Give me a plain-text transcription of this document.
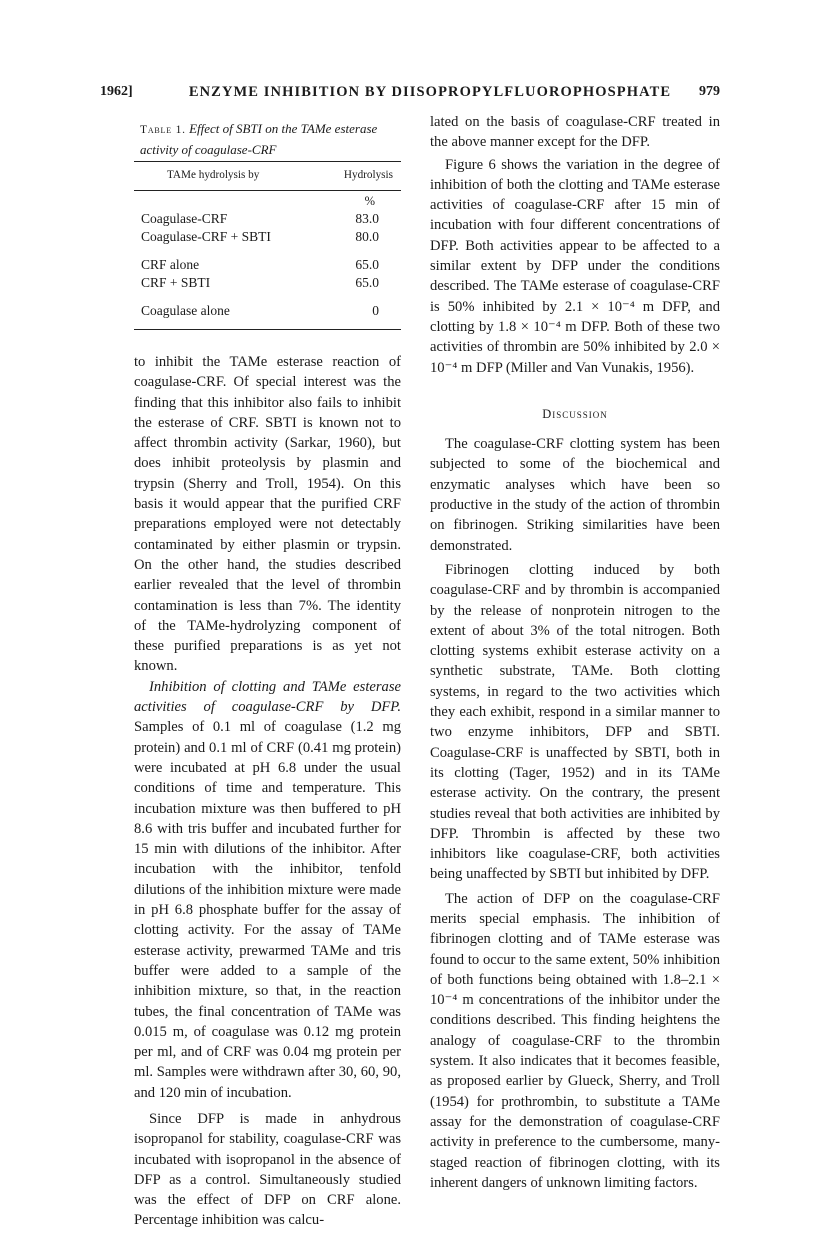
1962]	ENZYME INHIBITION BY DIISOPROPYLFLUOROPHOSPHATE	979
Table 1. Effect of SBTI on the TAMe esterase activity of coagulase-CRF
TAMe hydrolysis by	Hydrolysis
%
Coagulase-CRF	83.0
Coagulase-CRF + SBTI	80.0
CRF alone	65.0
CRF + SBTI	65.0
Coagulase alone	0

to inhibit the TAMe esterase reaction of coagulase-CRF. Of special interest was the finding that this inhibitor also fails to inhibit the esterase of CRF. SBTI is known not to affect thrombin activity (Sarkar, 1960), but does inhibit proteolysis by plasmin and trypsin (Sherry and Troll, 1954). On this basis it would appear that the purified CRF preparations employed were not detectably contaminated by either plasmin or trypsin. On the other hand, the studies described earlier revealed that the level of thrombin contamination is less than 7%. The identity of the TAMe-hydrolyzing component of these purified preparations is as yet not known.

Inhibition of clotting and TAMe esterase activities of coagulase-CRF by DFP. Samples of 0.1 ml of coagulase (1.2 mg protein) and 0.1 ml of CRF (0.41 mg protein) were incubated at pH 6.8 under the usual conditions of time and temperature. This incubation mixture was then buffered to pH 8.6 with tris buffer and incubated further for 15 min with dilutions of the inhibitor. After incubation with the inhibitor, tenfold dilutions of the inhibition mixture were made in pH 6.8 phosphate buffer for the assay of clotting activity. For the assay of TAMe esterase activity, prewarmed TAMe and tris buffer were added to a sample of the inhibition mixture, so that, in the reaction tubes, the final concentration of TAMe was 0.015 m, of coagulase was 0.12 mg protein per ml, and of CRF was 0.04 mg protein per ml. Samples were withdrawn after 30, 60, 90, and 120 min of incubation.

Since DFP is made in anhydrous isopropanol for stability, coagulase-CRF was incubated with isopropanol in the absence of DFP as a control. Simultaneously studied was the effect of DFP on CRF alone. Percentage inhibition was calcu-

lated on the basis of coagulase-CRF treated in the above manner except for the DFP.

Figure 6 shows the variation in the degree of inhibition of both the clotting and TAMe esterase activities of coagulase-CRF after 15 min of incubation with four different concentrations of DFP. Both activities appear to be affected to a similar extent by DFP under the conditions described. The TAMe esterase of coagulase-CRF is 50% inhibited by 2.1 × 10⁻⁴ m DFP, and clotting by 1.8 × 10⁻⁴ m DFP. Both of these two activities of thrombin are 50% inhibited by 2.0 × 10⁻⁴ m DFP (Miller and Van Vunakis, 1956).

Discussion

The coagulase-CRF clotting system has been subjected to some of the biochemical and enzymatic analyses which have been so productive in the study of the action of thrombin on fibrinogen. Striking similarities have been demonstrated.

Fibrinogen clotting induced by both coagulase-CRF and by thrombin is accompanied by the release of nonprotein nitrogen to the extent of about 3% of the total nitrogen. Both clotting systems exhibit esterase activity on a synthetic substrate, TAMe. Both clotting systems, in regard to the two activities which they each exhibit, respond in a similar manner to two enzyme inhibitors, DFP and SBTI. Coagulase-CRF is unaffected by SBTI, both in its clotting (Tager, 1952) and in its TAMe esterase activity. On the contrary, the present studies reveal that both activities are inhibited by DFP. Thrombin is affected by these two inhibitors like coagulase-CRF, both activities being unaffected by SBTI but inhibited by DFP.

The action of DFP on the coagulase-CRF merits special emphasis. The inhibition of fibrinogen clotting and of TAMe esterase was found to occur to the same extent, 50% inhibition of both functions being obtained with 1.8–2.1 × 10⁻⁴ m concentrations of the inhibitor under the conditions described. This finding heightens the analogy of coagulase-CRF to the thrombin system. It also indicates that it becomes feasible, as proposed earlier by Glueck, Sherry, and Troll (1954) for prothrombin, to substitute a TAMe assay for the demonstration of coagulase-CRF activity in preference to the cumbersome, many-staged reaction of fibrinogen clotting, with its inherent dangers of unknown limiting factors.
